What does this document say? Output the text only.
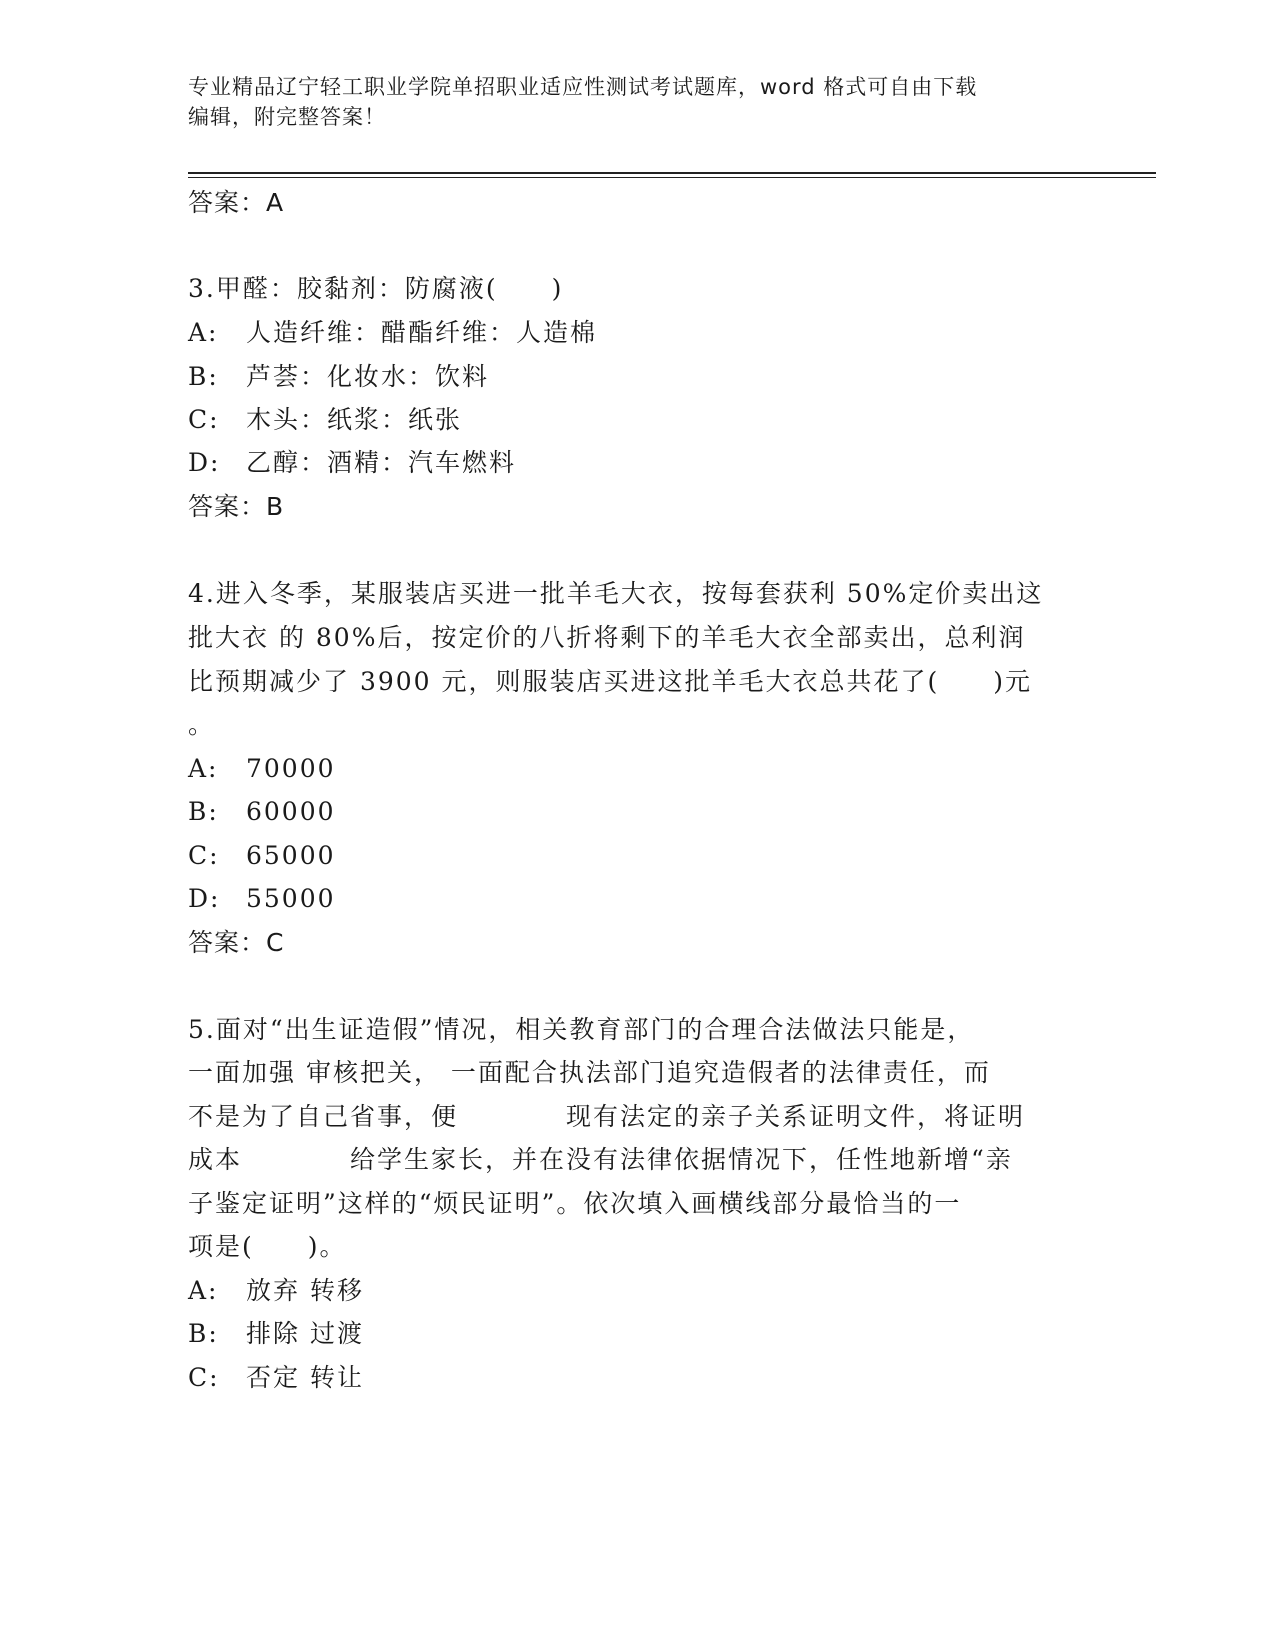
专业精品辽宁轻工职业学院单招职业适应性测试考试题库，word 格式可自由下载
编辑，附完整答案！
答案：A
3.甲醛：胶黏剂：防腐液(　　)
A: 人造纤维：醋酯纤维：人造棉
B: 芦荟：化妆水：饮料
C: 木头：纸浆：纸张
D: 乙醇：酒精：汽车燃料
答案：B
4.进入冬季，某服装店买进一批羊毛大衣，按每套获利 50%定价卖出这
批大衣 的 80%后，按定价的八折将剩下的羊毛大衣全部卖出，总利润
比预期减少了 3900 元，则服装店买进这批羊毛大衣总共花了(　　)元
。
A: 70000
B: 60000
C: 65000
D: 55000
答案：C
5.面对“出生证造假”情况，相关教育部门的合理合法做法只能是，
一面加强 审核把关， 一面配合执法部门追究造假者的法律责任，而
不是为了自己省事，便　　　　现有法定的亲子关系证明文件，将证明
成本　　　　给学生家长，并在没有法律依据情况下，任性地新增“亲
子鉴定证明”这样的“烦民证明”。依次填入画横线部分最恰当的一
项是(　　)。
A: 放弃 转移
B: 排除 过渡
C: 否定 转让
